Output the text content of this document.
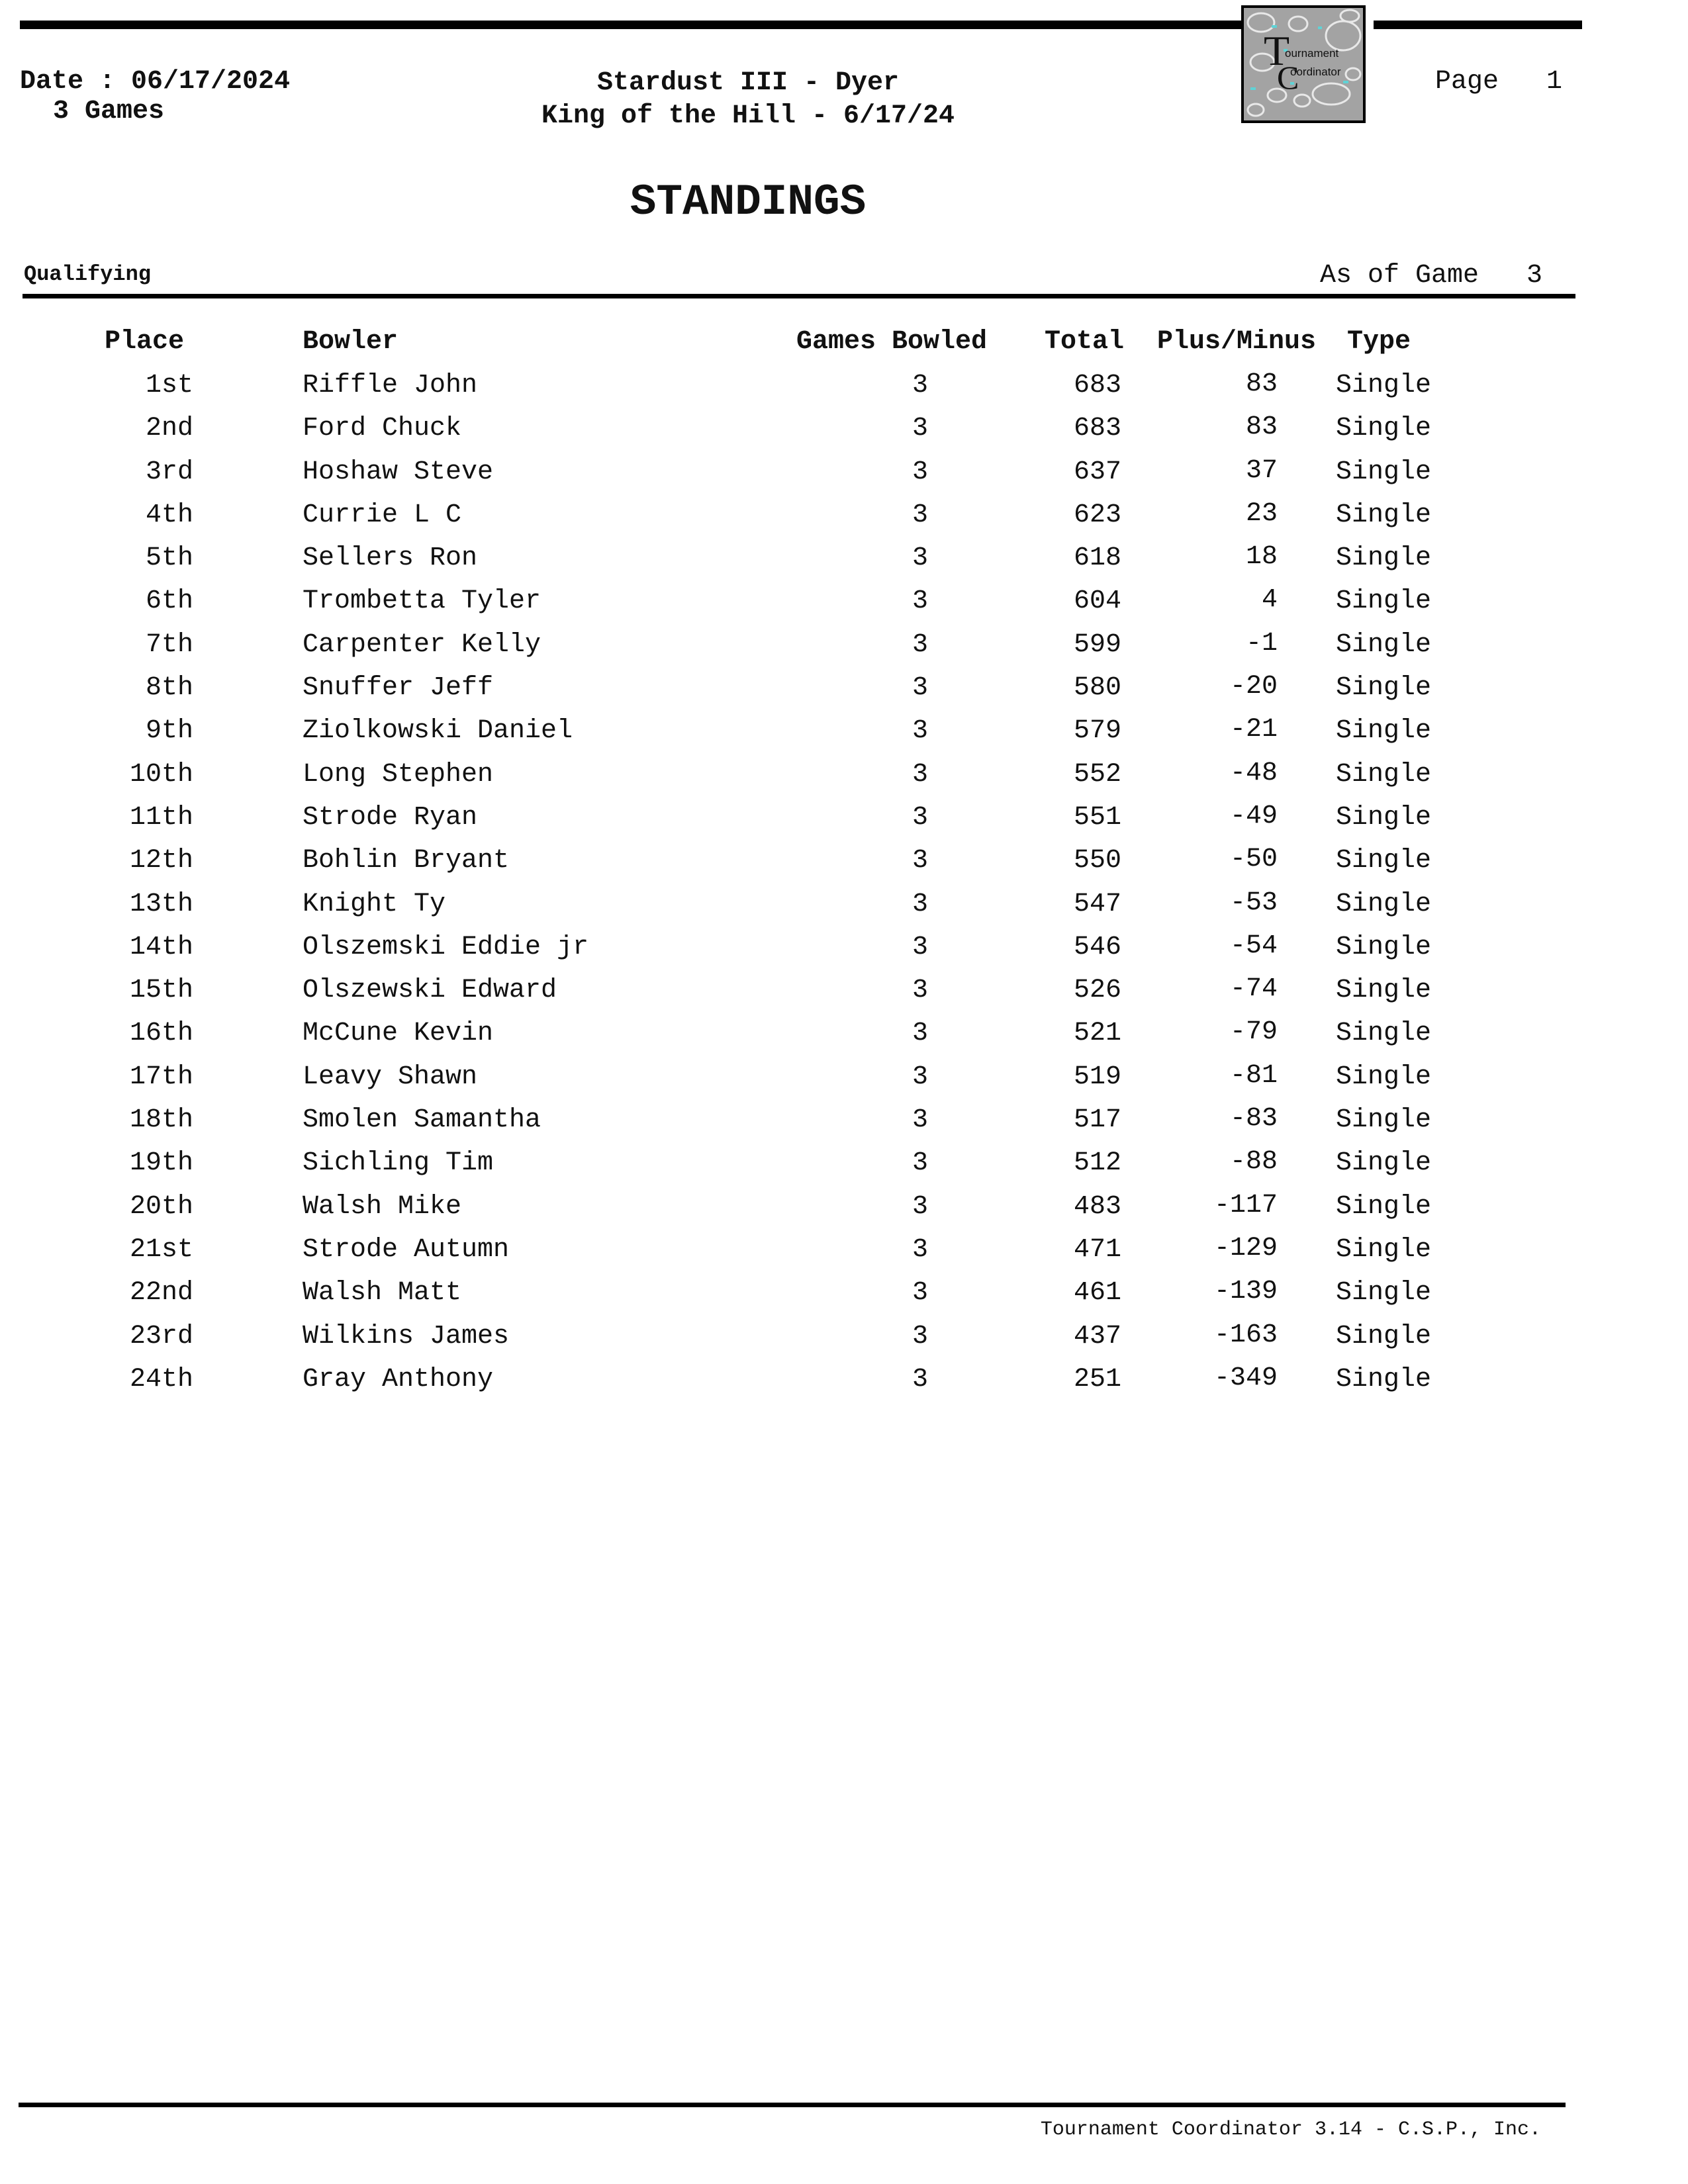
Date : 06/17/2024
3 Games
Stardust III - Dyer
King of the Hill - 6/17/24
Page   1
T
C
ournament
oordinator
STANDINGS
Qualifying	As of Game   3
Place	Bowler	Games Bowled Total Plus/Minus Type
1st	Riffle John	3	683	83 Single
2nd	Ford Chuck	3	683	83 Single
3rd	Hoshaw Steve	3	637	37 Single
4th	Currie L C	3	623	23 Single
5th	Sellers Ron	3	618	18 Single
6th	Trombetta Tyler	3	604	4 Single
7th	Carpenter Kelly	3	599	-1 Single
8th	Snuffer Jeff	3	580	-20 Single
9th	Ziolkowski Daniel	3	579	-21 Single
10th	Long Stephen	3	552	-48 Single
11th	Strode Ryan	3	551	-49 Single
12th	Bohlin Bryant	3	550	-50 Single
13th	Knight Ty	3	547	-53 Single
14th	Olszemski Eddie jr	3	546	-54 Single
15th	Olszewski Edward	3	526	-74 Single
16th	McCune Kevin	3	521	-79 Single
17th	Leavy Shawn	3	519	-81 Single
18th	Smolen Samantha	3	517	-83 Single
19th	Sichling Tim	3	512	-88 Single
20th	Walsh Mike	3	483	-117 Single
21st	Strode Autumn	3	471	-129 Single
22nd	Walsh Matt	3	461	-139 Single
23rd	Wilkins James	3	437	-163 Single
24th	Gray Anthony	3	251	-349 Single
Tournament Coordinator 3.14 - C.S.P., Inc.
